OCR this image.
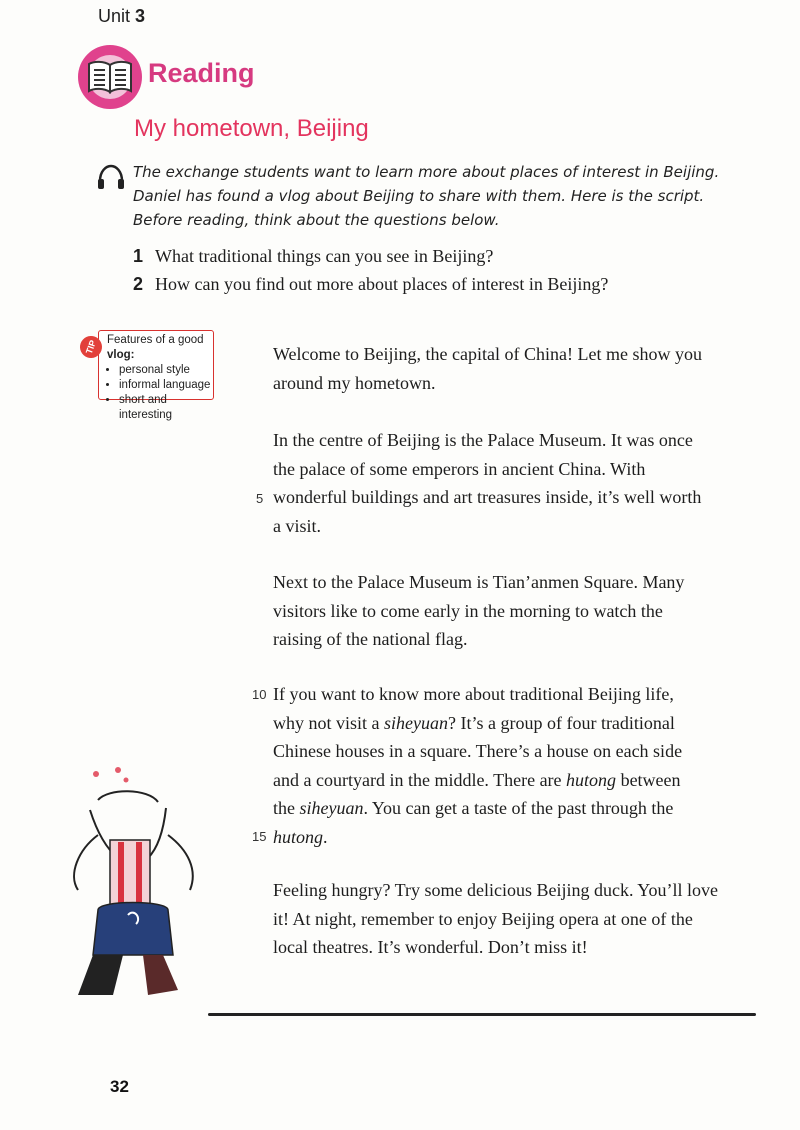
Unit 3
Reading
My hometown, Beijing
The exchange students want to learn more about places of interest in Beijing. Daniel has found a vlog about Beijing to share with them. Here is the script. Before reading, think about the questions below.
1 What traditional things can you see in Beijing?
2 How can you find out more about places of interest in Beijing?
Features of a good vlog:
• personal style
• informal language
• short and interesting
TIP	Welcome to Beijing, the capital of China! Let me show you around my hometown.
In the centre of Beijing is the Palace Museum. It was once
the palace of some emperors in ancient China. With
wonderful buildings and art treasures inside, it’s well worth
a visit.
5
Next to the Palace Museum is Tian’anmen Square. Many
visitors like to come early in the morning to watch the
raising of the national flag.
If you want to know more about traditional Beijing life,
why not visit a siheyuan? It’s a group of four traditional
Chinese houses in a square. There’s a house on each side
and a courtyard in the middle. There are hutong between
the siheyuan. You can get a taste of the past through the
hutong.
10
15
Feeling hungry? Try some delicious Beijing duck. You’ll love
it! At night, remember to enjoy Beijing opera at one of the
local theatres. It’s wonderful. Don’t miss it!
32
